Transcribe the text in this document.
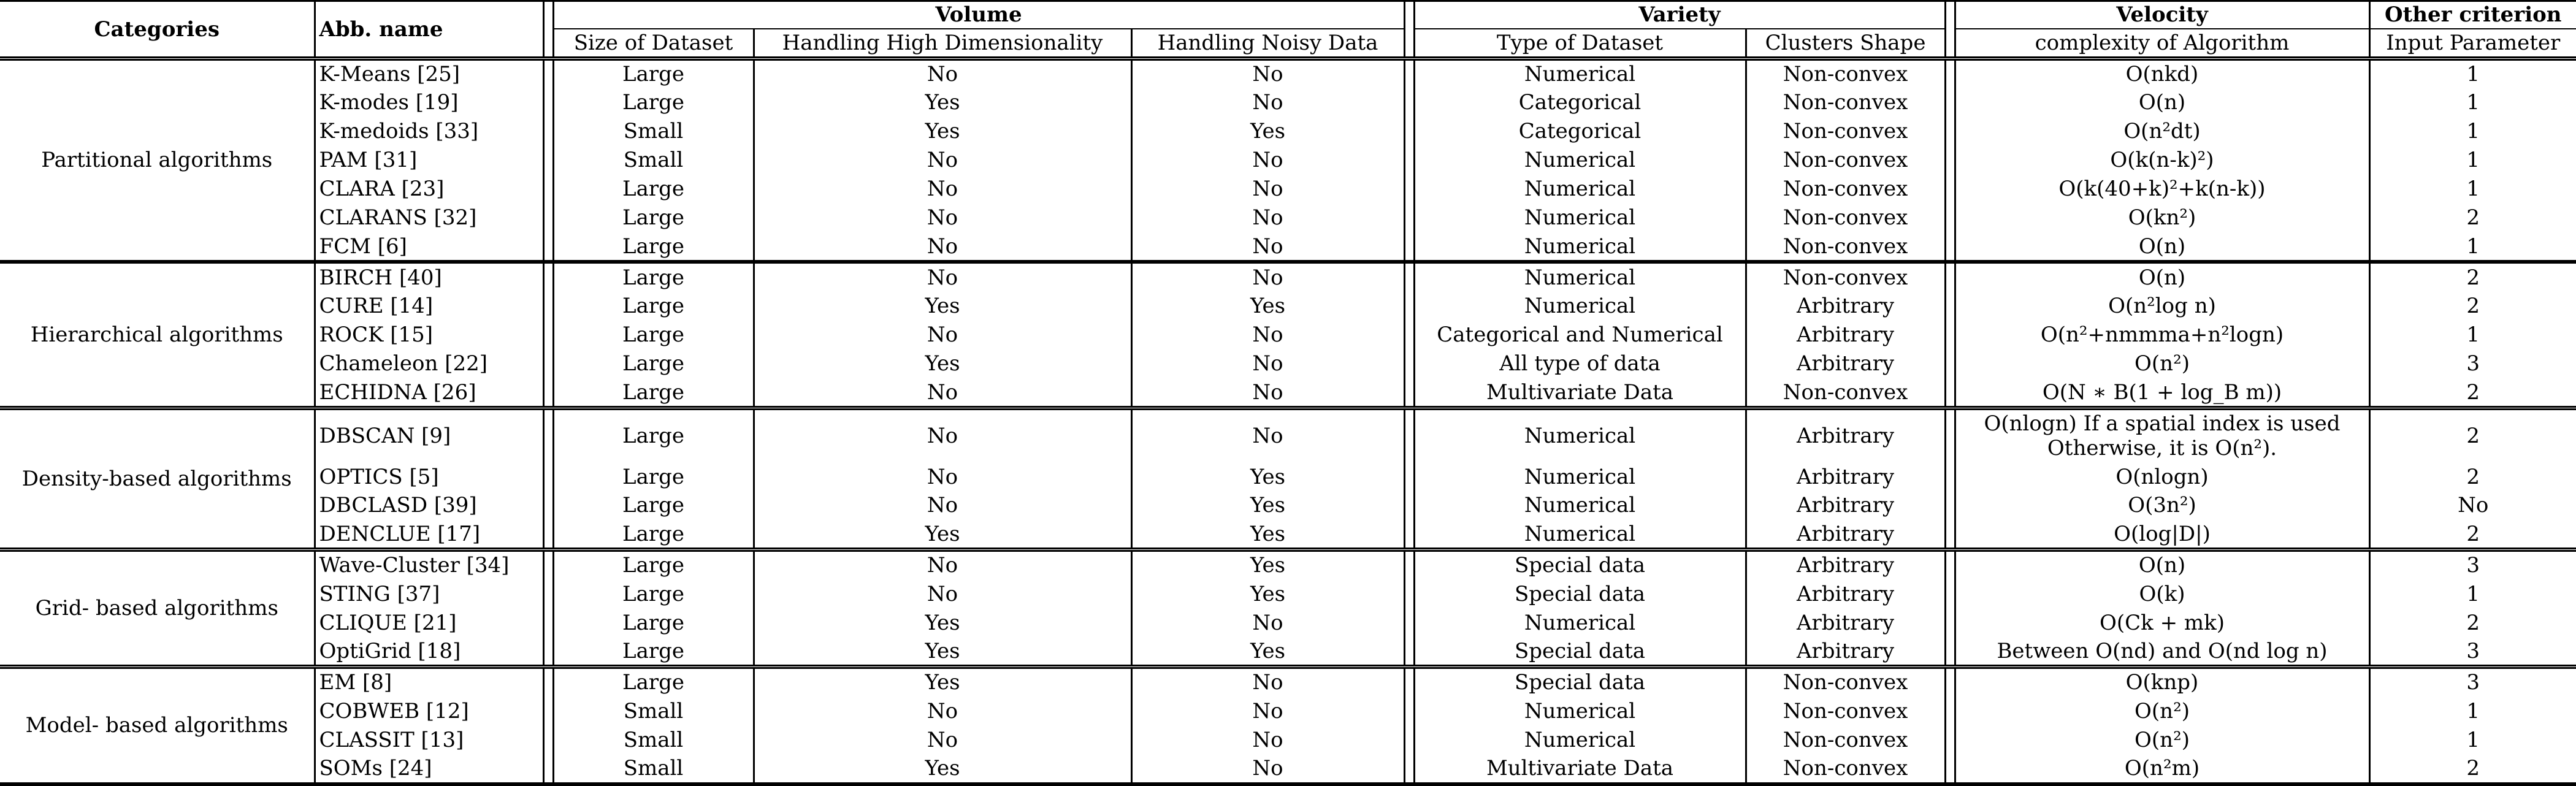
Categories	Abb. name		Volume				Variety			Velocity	Other criterion
			Size of Dataset	Handling High Dimensionality	Handling Noisy Data		Type of Dataset	Clusters Shape		complexity of Algorithm	Input Parameter

Partitional algorithms	K-Means [25]		Large	No	No		Numerical	Non-convex		O(nkd)	1
	K-modes [19]		Large	Yes	No		Categorical	Non-convex		O(n)	1
	K-medoids [33]		Small	Yes	Yes		Categorical	Non-convex		O(n²dt)	1
	PAM [31]		Small	No	No		Numerical	Non-convex		O(k(n-k)²)	1
	CLARA [23]		Large	No	No		Numerical	Non-convex		O(k(40+k)²+k(n-k))	1
	CLARANS [32]		Large	No	No		Numerical	Non-convex		O(kn²)	2
	FCM [6]		Large	No	No		Numerical	Non-convex		O(n)	1

Hierarchical algorithms	BIRCH [40]		Large	No	No		Numerical	Non-convex		O(n)	2
	CURE [14]		Large	Yes	Yes		Numerical	Arbitrary		O(n²log n)	2
	ROCK [15]		Large	No	No		Categorical and Numerical	Arbitrary		O(n²+nmmma+n²logn)	1
	Chameleon [22]		Large	Yes	No		All type of data	Arbitrary		O(n²)	3
	ECHIDNA [26]		Large	No	No		Multivariate Data	Non-convex		O(N ∗ B(1 + log_B m))	2

Density-based algorithms	DBSCAN [9]		Large	No	No		Numerical	Arbitrary		O(nlogn) If a spatial index is used Otherwise, it is O(n²).	2
	OPTICS [5]		Large	No	Yes		Numerical	Arbitrary		O(nlogn)	2
	DBCLASD [39]		Large	No	Yes		Numerical	Arbitrary		O(3n²)	No
	DENCLUE [17]		Large	Yes	Yes		Numerical	Arbitrary		O(log|D|)	2

Grid- based algorithms	Wave-Cluster [34]		Large	No	Yes		Special data	Arbitrary		O(n)	3
	STING [37]		Large	No	Yes		Special data	Arbitrary		O(k)	1
	CLIQUE [21]		Large	Yes	No		Numerical	Arbitrary		O(Ck + mk)	2
	OptiGrid [18]		Large	Yes	Yes		Special data	Arbitrary		Between O(nd) and O(nd log n)	3

Model- based algorithms	EM [8]		Large	Yes	No		Special data	Non-convex		O(knp)	3
	COBWEB [12]		Small	No	No		Numerical	Non-convex		O(n²)	1
	CLASSIT [13]		Small	No	No		Numerical	Non-convex		O(n²)	1
	SOMs [24]		Small	Yes	No		Multivariate Data	Non-convex		O(n²m)	2
